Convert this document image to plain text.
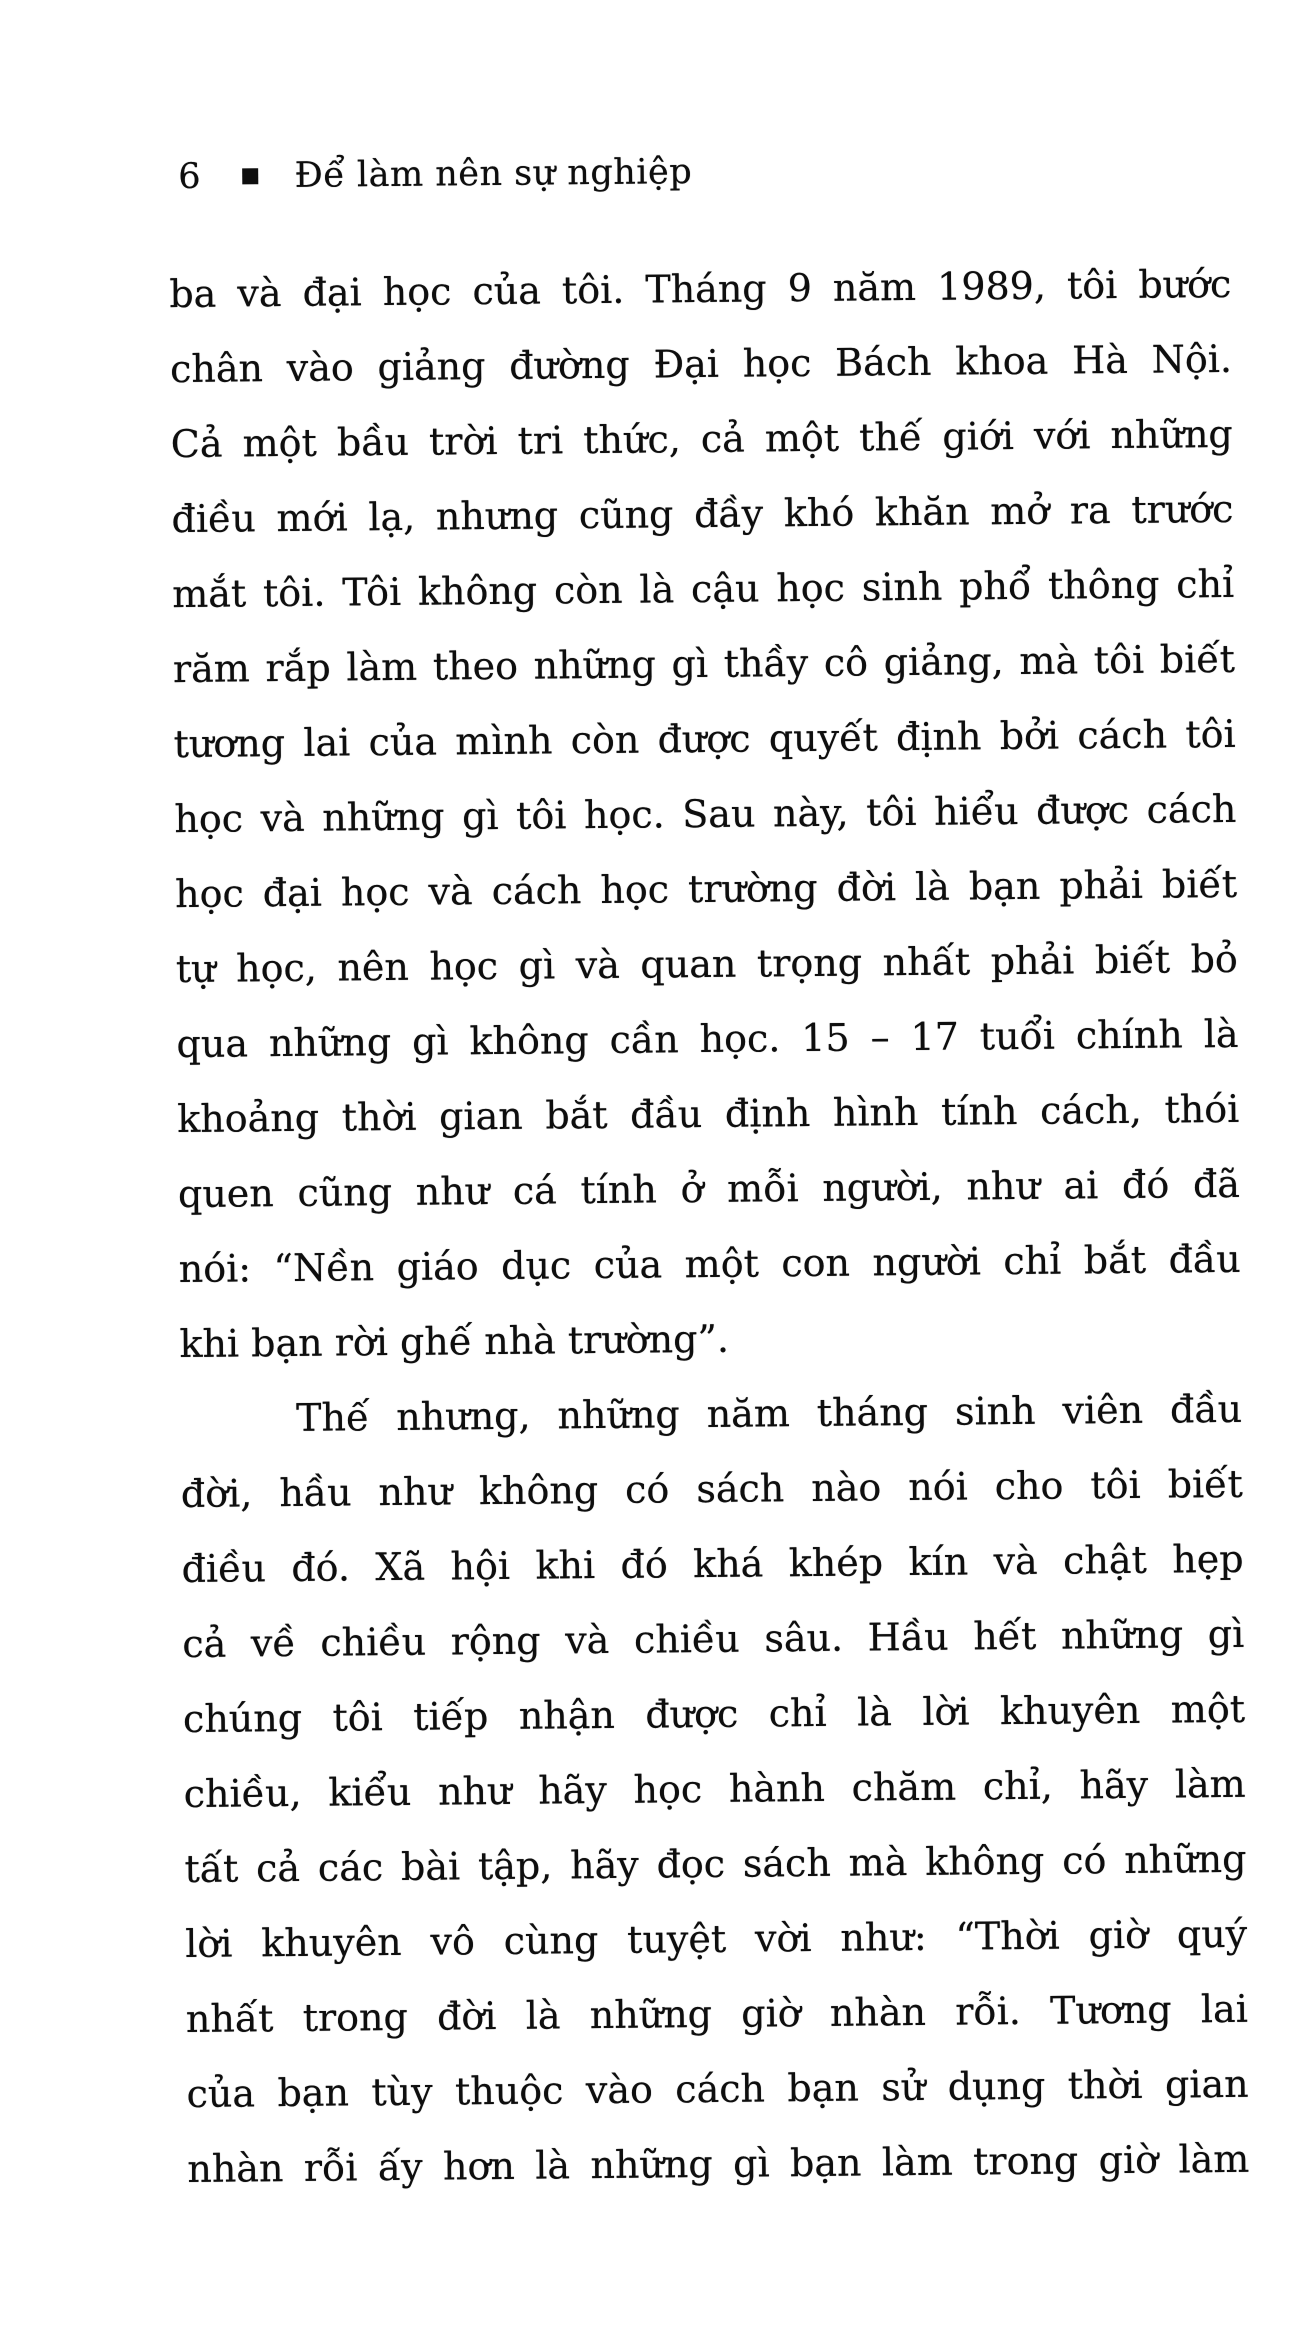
6	Để làm nên sự nghiệp
ba và đại học của tôi. Tháng 9 năm 1989, tôi bước
chân vào giảng đường Đại học Bách khoa Hà Nội.
Cả một bầu trời tri thức, cả một thế giới với những
điều mới lạ, nhưng cũng đầy khó khăn mở ra trước
mắt tôi. Tôi không còn là cậu học sinh phổ thông chỉ
răm rắp làm theo những gì thầy cô giảng, mà tôi biết
tương lai của mình còn được quyết định bởi cách tôi
học và những gì tôi học. Sau này, tôi hiểu được cách
học đại học và cách học trường đời là bạn phải biết
tự học, nên học gì và quan trọng nhất phải biết bỏ
qua những gì không cần học. 15 – 17 tuổi chính là
khoảng thời gian bắt đầu định hình tính cách, thói
quen cũng như cá tính ở mỗi người, như ai đó đã
nói: “Nền giáo dục của một con người chỉ bắt đầu
khi bạn rời ghế nhà trường”.
Thế nhưng, những năm tháng sinh viên đầu
đời, hầu như không có sách nào nói cho tôi biết
điều đó. Xã hội khi đó khá khép kín và chật hẹp
cả về chiều rộng và chiều sâu. Hầu hết những gì
chúng tôi tiếp nhận được chỉ là lời khuyên một
chiều, kiểu như hãy học hành chăm chỉ, hãy làm
tất cả các bài tập, hãy đọc sách mà không có những
lời khuyên vô cùng tuyệt vời như: “Thời giờ quý
nhất trong đời là những giờ nhàn rỗi. Tương lai
của bạn tùy thuộc vào cách bạn sử dụng thời gian
nhàn rỗi ấy hơn là những gì bạn làm trong giờ làm
